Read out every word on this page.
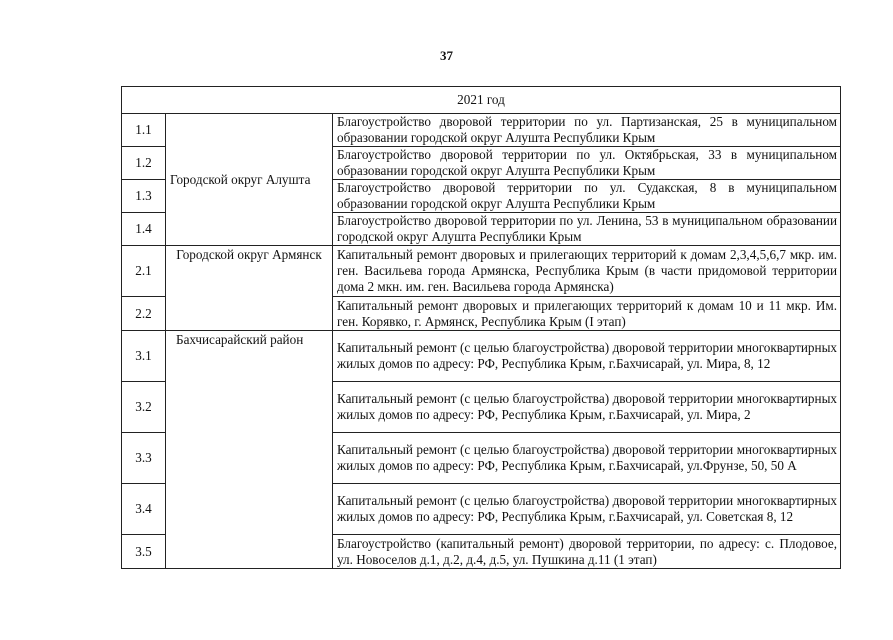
37
2021 год		
1.1	Городской округ Алушта	Благоустройство дворовой территории по ул. Партизанская, 25 в муниципальном образовании городской округ Алушта Республики Крым
1.2		Благоустройство дворовой территории по ул. Октябрьская, 33 в муниципальном образовании городской округ Алушта Республики Крым
1.3		Благоустройство дворовой территории по ул. Судакская, 8 в муниципальном образовании городской округ Алушта Республики Крым
1.4		Благоустройство дворовой территории по ул. Ленина, 53 в муниципальном образовании городской округ Алушта Республики Крым
2.1	Городской округ Армянск	Капитальный ремонт дворовых и прилегающих территорий к домам 2,3,4,5,6,7 мкр. им. ген. Васильева города Армянска, Республика Крым (в части придомовой территории дома 2 мкн. им. ген. Васильева города Армянска)
2.2		Капитальный ремонт дворовых и прилегающих территорий к домам 10 и 11 мкр. Им. ген. Корявко, г. Армянск, Республика Крым (I этап)
3.1	Бахчисарайский район	Капитальный ремонт (с целью благоустройства) дворовой территории многоквартирных жилых домов по адресу: РФ, Республика Крым, г.Бахчисарай, ул. Мира, 8, 12
3.2		Капитальный ремонт (с целью благоустройства) дворовой территории многоквартирных жилых домов по адресу: РФ, Республика Крым, г.Бахчисарай, ул. Мира, 2
3.3		Капитальный ремонт (с целью благоустройства) дворовой территории многоквартирных жилых домов по адресу: РФ, Республика Крым, г.Бахчисарай, ул.Фрунзе, 50, 50 А
3.4		Капитальный ремонт (с целью благоустройства) дворовой территории многоквартирных жилых домов по адресу: РФ, Республика Крым, г.Бахчисарай, ул. Советская 8, 12
3.5		Благоустройство (капитальный ремонт) дворовой территории, по адресу: с. Плодовое, ул. Новоселов д.1, д.2, д.4, д.5, ул. Пушкина д.11 (1 этап)
